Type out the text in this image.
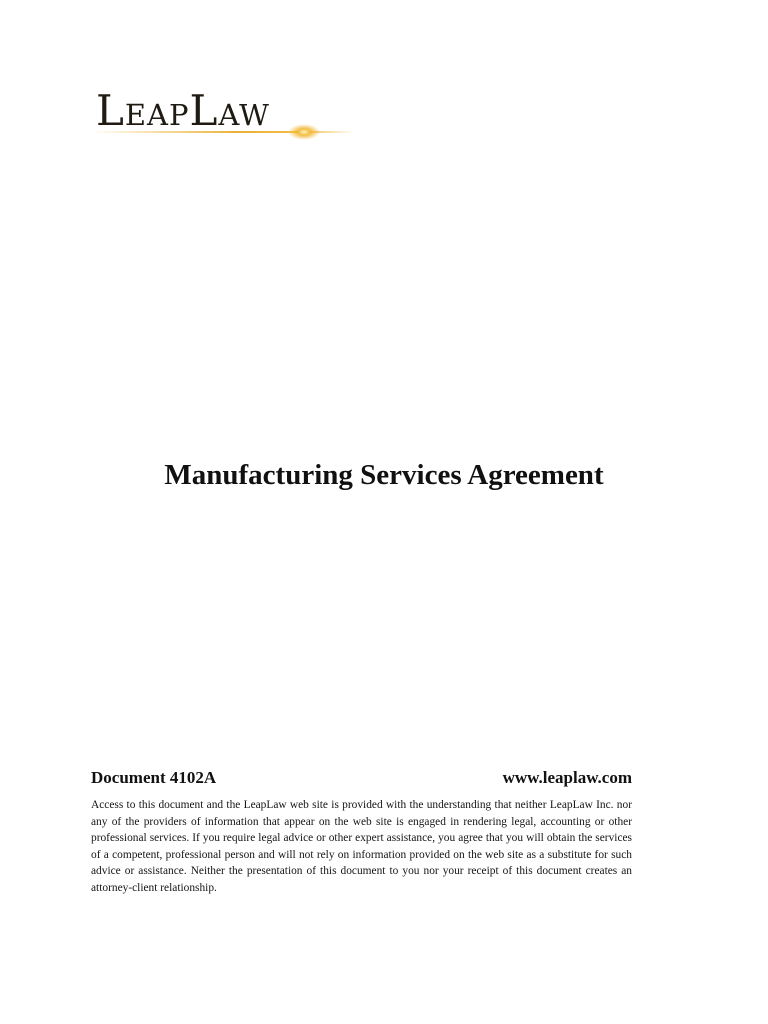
LeapLaw
Manufacturing Services Agreement
Document 4102A	www.leaplaw.com
Access to this document and the LeapLaw web site is provided with the understanding that neither LeapLaw Inc. nor any of the providers of information that appear on the web site is engaged in rendering legal, accounting or other professional services. If you require legal advice or other expert assistance, you agree that you will obtain the services of a competent, professional person and will not rely on information provided on the web site as a substitute for such advice or assistance. Neither the presentation of this document to you nor your receipt of this document creates an attorney-client relationship.
